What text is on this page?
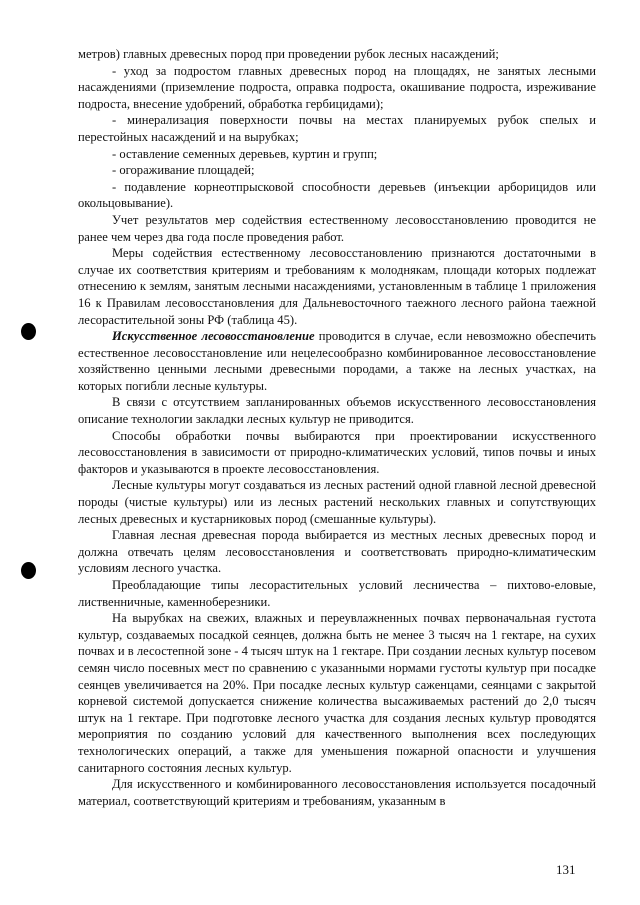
метров) главных древесных пород при проведении рубок лесных насаждений;

- уход за подростом главных древесных пород на площадях, не занятых лесными насаждениями (приземление подроста, оправка подроста, окашивание подроста, изреживание подроста, внесение удобрений, обработка гербицидами);

- минерализация поверхности почвы на местах планируемых рубок спелых и перестойных насаждений и на вырубках;

- оставление семенных деревьев, куртин и групп;

- огораживание площадей;

- подавление корнеотпрысковой способности деревьев (инъекции арборицидов или окольцовывание).

Учет результатов мер содействия естественному лесовосстановлению проводится не ранее чем через два года после проведения работ.

Меры содействия естественному лесовосстановлению признаются достаточными в случае их соответствия критериям и требованиям к молоднякам, площади которых подлежат отнесению к землям, занятым лесными насаждениями, установленным в таблице 1 приложения 16 к Правилам лесовосстановления для Дальневосточного таежного лесного района таежной лесорастительной зоны РФ (таблица 45).

Искусственное лесовосстановление проводится в случае, если невозможно обеспечить естественное лесовосстановление или нецелесообразно комбинированное лесовосстановление хозяйственно ценными лесными древесными породами, а также на лесных участках, на которых погибли лесные культуры.

В связи с отсутствием запланированных объемов искусственного лесовосстановления описание технологии закладки лесных культур не приводится.

Способы обработки почвы выбираются при проектировании искусственного лесовосстановления в зависимости от природно-климатических условий, типов почвы и иных факторов и указываются в проекте лесовосстановления.

Лесные культуры могут создаваться из лесных растений одной главной лесной древесной породы (чистые культуры) или из лесных растений нескольких главных и сопутствующих лесных древесных и кустарниковых пород (смешанные культуры).

Главная лесная древесная порода выбирается из местных лесных древесных пород и должна отвечать целям лесовосстановления и соответствовать природно-климатическим условиям лесного участка.

Преобладающие типы лесорастительных условий лесничества – пихтово-еловые, лиственничные, каменноберезники.

На вырубках на свежих, влажных и переувлажненных почвах первоначальная густота культур, создаваемых посадкой сеянцев, должна быть не менее 3 тысяч на 1 гектаре, на сухих почвах и в лесостепной зоне - 4 тысяч штук на 1 гектаре. При создании лесных культур посевом семян число посевных мест по сравнению с указанными нормами густоты культур при посадке сеянцев увеличивается на 20%. При посадке лесных культур саженцами, сеянцами с закрытой корневой системой допускается снижение количества высаживаемых растений до 2,0 тысяч штук на 1 гектаре. При подготовке лесного участка для создания лесных культур проводятся мероприятия по созданию условий для качественного выполнения всех последующих технологических операций, а также для уменьшения пожарной опасности и улучшения санитарного состояния лесных культур.

Для искусственного и комбинированного лесовосстановления используется посадочный материал, соответствующий критериям и требованиям, указанным в

131
